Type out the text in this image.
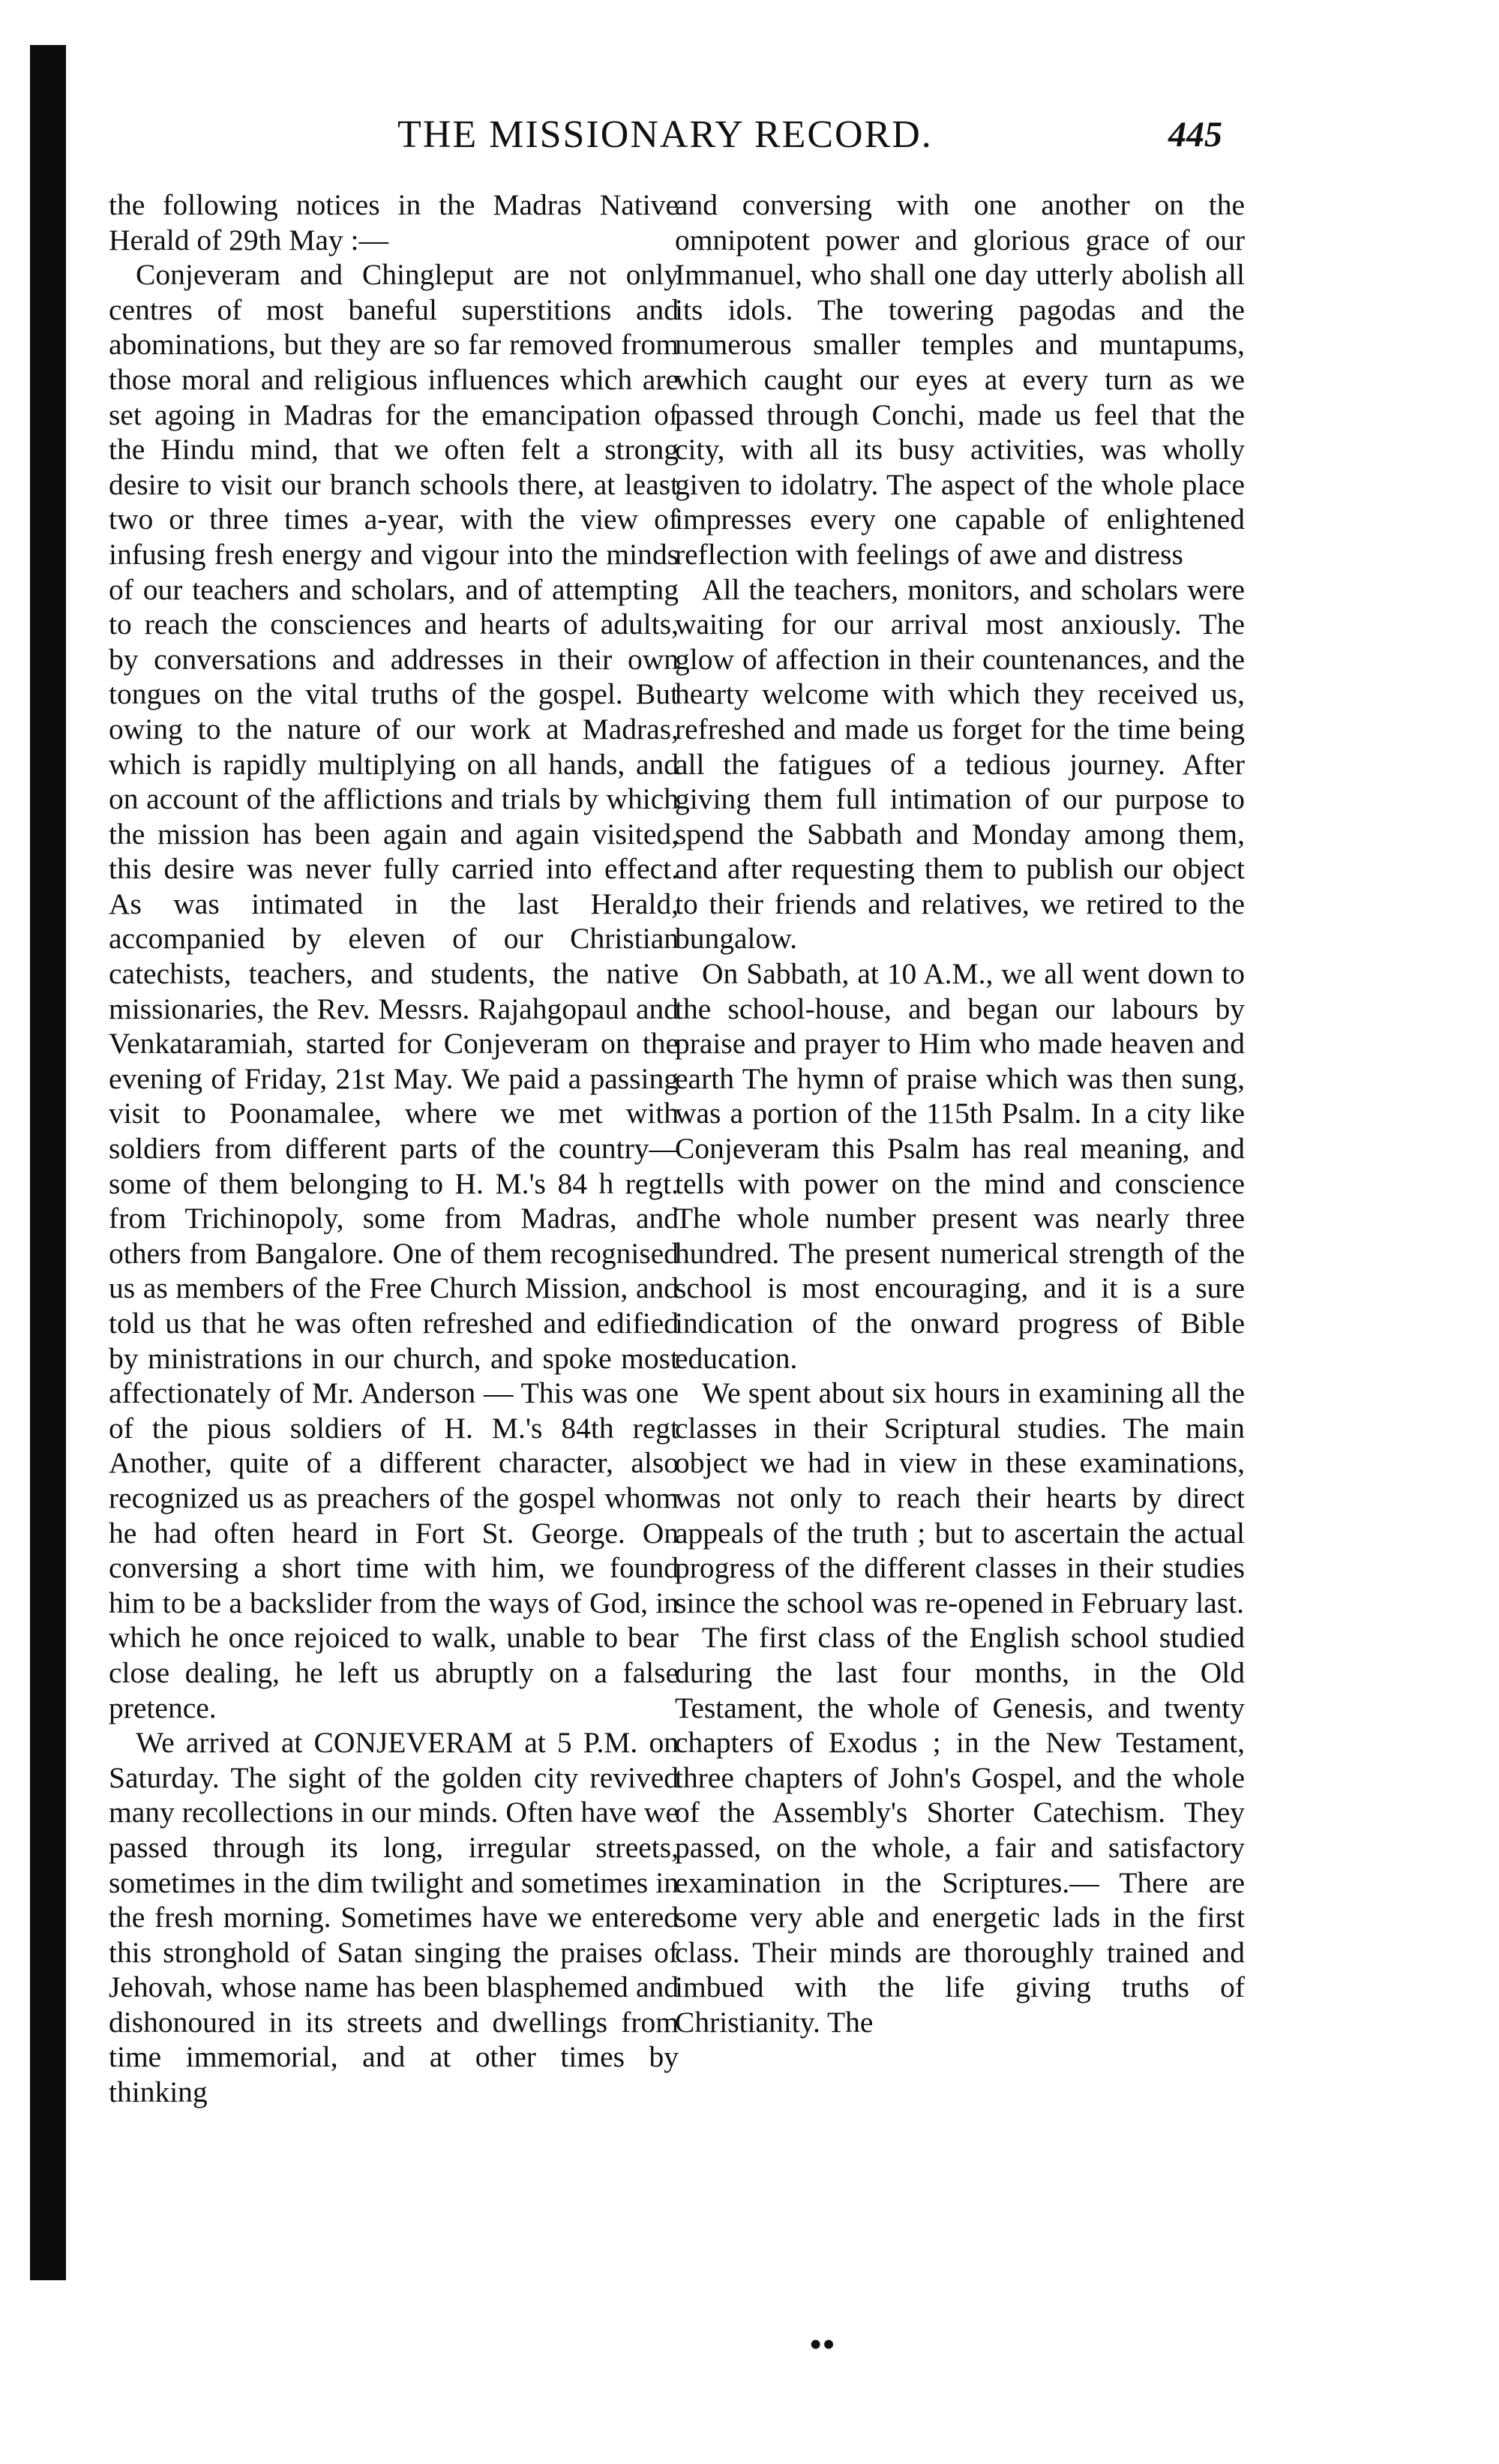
THE MISSIONARY RECORD.	445

the following notices in the Madras Native Herald of 29th May :—

Conjeveram and Chingleput are not only centres of most baneful superstitions and abominations, but they are so far removed from those moral and religious influences which are set agoing in Madras for the emancipation of the Hindu mind, that we often felt a strong desire to visit our branch schools there, at least two or three times a-year, with the view of infusing fresh energy and vigour into the minds of our teachers and scholars, and of attempting to reach the consciences and hearts of adults, by conversations and addresses in their own tongues on the vital truths of the gospel. But owing to the nature of our work at Madras, which is rapidly multiplying on all hands, and on account of the afflictions and trials by which the mission has been again and again visited, this desire was never fully carried into effect. As was intimated in the last Herald, accompanied by eleven of our Christian catechists, teachers, and students, the native missionaries, the Rev. Messrs. Rajahgopaul and Venkataramiah, started for Conjeveram on the evening of Friday, 21st May. We paid a passing visit to Poonamalee, where we met with soldiers from different parts of the country—some of them belonging to H. M.'s 84 h regt. from Trichinopoly, some from Madras, and others from Bangalore. One of them recognised us as members of the Free Church Mission, and told us that he was often refreshed and edified by ministrations in our church, and spoke most affectionately of Mr. Anderson — This was one of the pious soldiers of H. M.'s 84th regt Another, quite of a different character, also recognized us as preachers of the gospel whom he had often heard in Fort St. George. On conversing a short time with him, we found him to be a backslider from the ways of God, in which he once rejoiced to walk, unable to bear close dealing, he left us abruptly on a false pretence.

We arrived at CONJEVERAM at 5 P.M. on Saturday. The sight of the golden city revived many recollections in our minds. Often have we passed through its long, irregular streets, sometimes in the dim twilight and sometimes in the fresh morning. Sometimes have we entered this stronghold of Satan singing the praises of Jehovah, whose name has been blasphemed and dishonoured in its streets and dwellings from time immemorial, and at other times by thinking

and conversing with one another on the omnipotent power and glorious grace of our Immanuel, who shall one day utterly abolish all its idols. The towering pagodas and the numerous smaller temples and muntapums, which caught our eyes at every turn as we passed through Conchi, made us feel that the city, with all its busy activities, was wholly given to idolatry. The aspect of the whole place impresses every one capable of enlightened reflection with feelings of awe and distress

All the teachers, monitors, and scholars were waiting for our arrival most anxiously. The glow of affection in their countenances, and the hearty welcome with which they received us, refreshed and made us forget for the time being all the fatigues of a tedious journey. After giving them full intimation of our purpose to spend the Sabbath and Monday among them, and after requesting them to publish our object to their friends and relatives, we retired to the bungalow.

On Sabbath, at 10 A.M., we all went down to the school-house, and began our labours by praise and prayer to Him who made heaven and earth The hymn of praise which was then sung, was a portion of the 115th Psalm. In a city like Conjeveram this Psalm has real meaning, and tells with power on the mind and conscience The whole number present was nearly three hundred. The present numerical strength of the school is most encouraging, and it is a sure indication of the onward progress of Bible education.

We spent about six hours in examining all the classes in their Scriptural studies. The main object we had in view in these examinations, was not only to reach their hearts by direct appeals of the truth ; but to ascertain the actual progress of the different classes in their studies since the school was re-opened in February last.

The first class of the English school studied during the last four months, in the Old Testament, the whole of Genesis, and twenty chapters of Exodus ; in the New Testament, three chapters of John's Gospel, and the whole of the Assembly's Shorter Catechism. They passed, on the whole, a fair and satisfactory examination in the Scriptures.— There are some very able and energetic lads in the first class. Their minds are thoroughly trained and imbued with the life giving truths of Christianity. The

••
